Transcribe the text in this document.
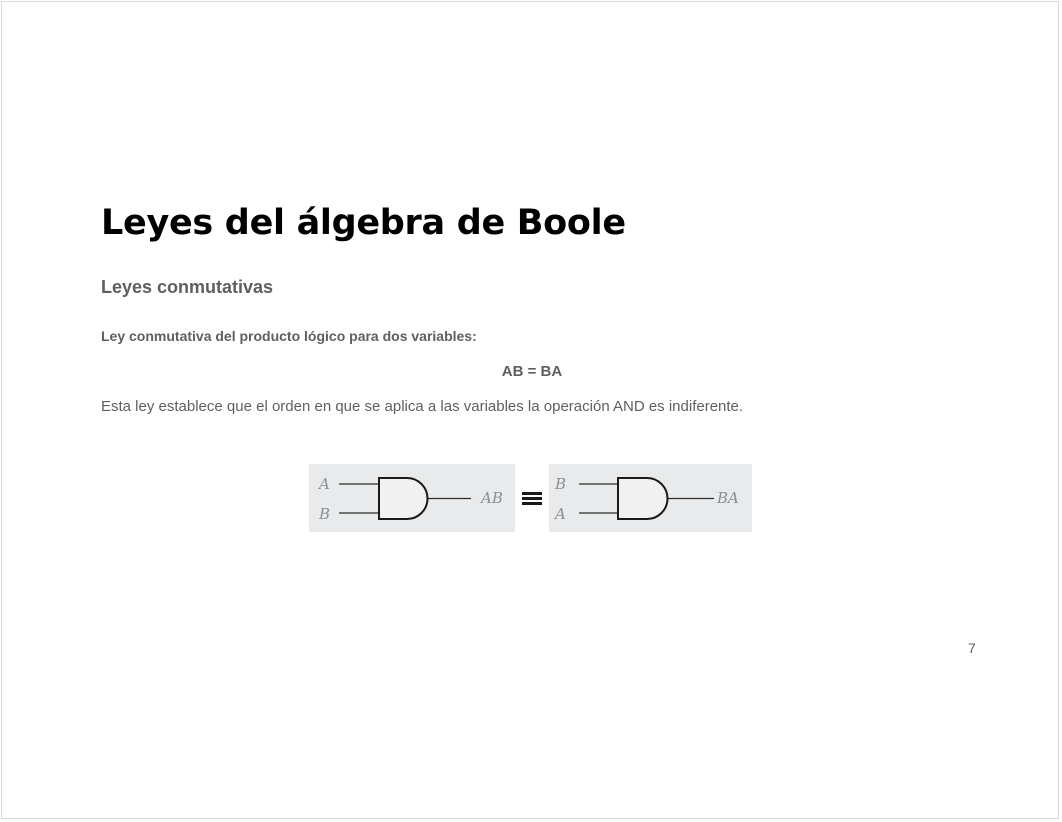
Leyes del álgebra de Boole
Leyes conmutativas

Ley conmutativa del producto lógico para dos variables:

AB = BA

Esta ley establece que el orden en que se aplica a las variables la operación AND es indiferente.

A
B
AB
B
A
BA

7
